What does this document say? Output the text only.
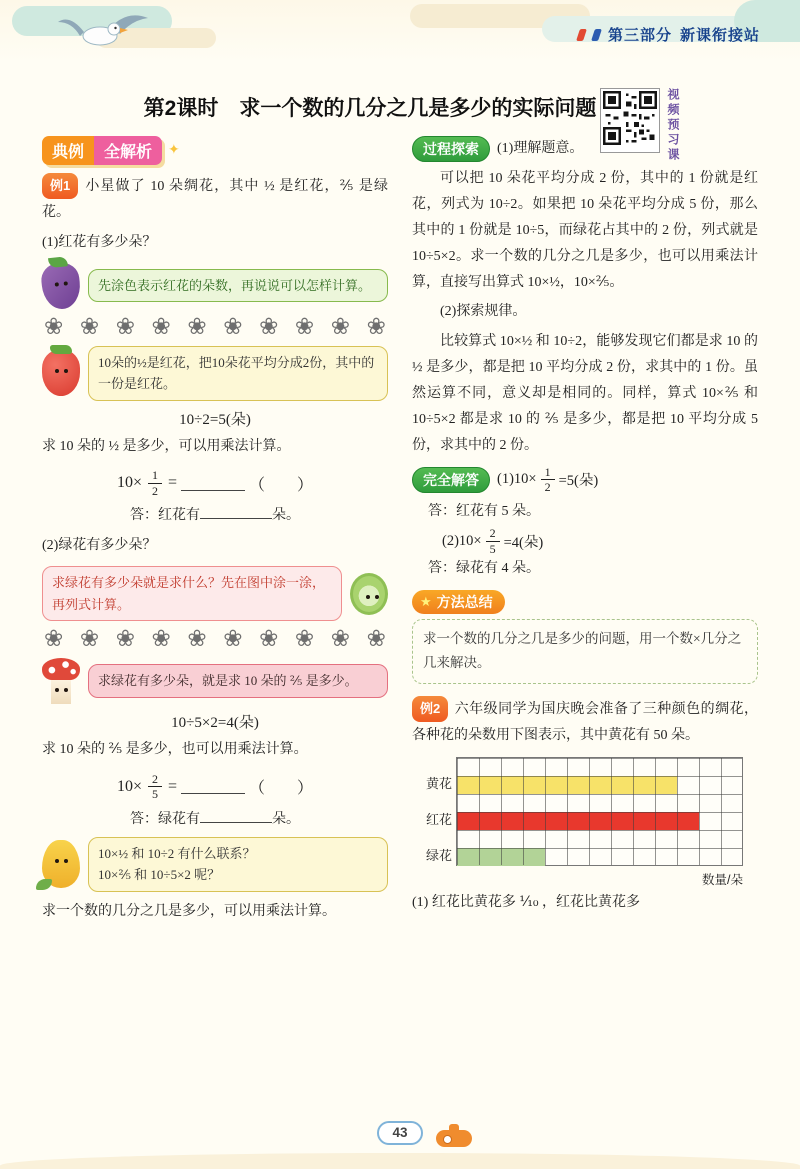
第三部分 新课衔接站
第2课时　求一个数的几分之几是多少的实际问题	视频预习课
典例	全解析	✦

例1 小星做了 10 朵绸花，其中 ½ 是红花，⅖ 是绿花。

(1)红花有多少朵？

先涂色表示红花的朵数，再说说可以怎样计算。
❀ ❀ ❀ ❀ ❀ ❀ ❀ ❀ ❀ ❀
10朵的½是红花，把10朵花平均分成2份，其中的一份是红花。
10÷2=5(朵)

求 10 朵的 ½ 是多少，可以用乘法计算。

$10\times \frac{1}{2}$ =	（　　）
答：红花有	朵。

(2)绿花有多少朵？

求绿花有多少朵就是求什么？先在图中涂一涂，再列式计算。
❀ ❀ ❀ ❀ ❀ ❀ ❀ ❀ ❀ ❀
求绿花有多少朵，就是求 10 朵的 ⅖ 是多少。
10÷5×2=4(朵)

求 10 朵的 ⅖ 是多少，也可以用乘法计算。

$10\times \frac{2}{5}$ =	（　　）
答：绿花有	朵。
10×½ 和 10÷2 有什么联系？
10×⅖ 和 10÷5×2 呢？

求一个数的几分之几是多少，可以用乘法计算。

过程探索	(1)理解题意。

可以把 10 朵花平均分成 2 份，其中的 1 份就是红花，列式为 10÷2。如果把 10 朵花平均分成 5 份，那么其中的 1 份就是 10÷5，而绿花占其中的 2 份，列式就是 10÷5×2。求一个数的几分之几是多少，也可以用乘法计算，直接写出算式 10×½，10×⅖。

(2)探索规律。

比较算式 10×½ 和 10÷2，能够发现它们都是求 10 的 ½ 是多少，都是把 10 平均分成 2 份，求其中的 1 份。虽然运算不同，意义却是相同的。同样，算式 10×⅖ 和 10÷5×2 都是求 10 的 ⅖ 是多少，都是把 10 平均分成 5 份，求其中的 2 份。

完全解答	$(1)10\times \frac{1}{2} =5$(朵)

答：红花有 5 朵。

$(2)10\times \frac{2}{5} =4$(朵)

答：绿花有 4 朵。

★ 方法总结
求一个数的几分之几是多少的问题，用一个数×几分之几来解决。

例2 六年级同学为国庆晚会准备了三种颜色的绸花，各种花的朵数用下图表示，其中黄花有 50 朵。

黄花
红花
绿花
数量/朵

(1) 红花比黄花多 ⅒ ，红花比黄花多

43
